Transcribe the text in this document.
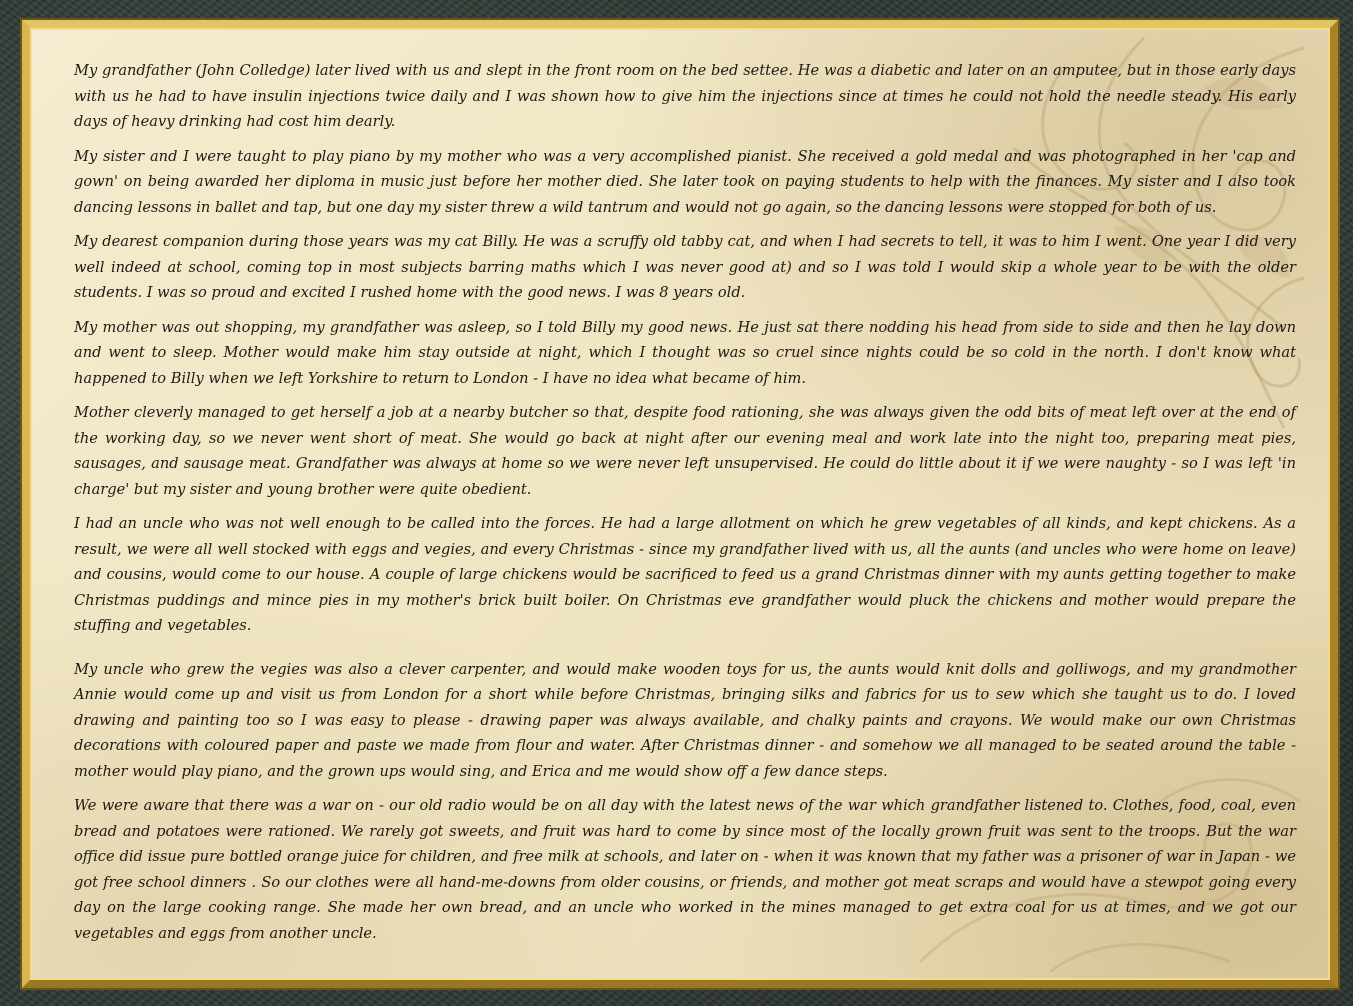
My grandfather (John Colledge) later lived with us and slept in the front room on the bed settee. He was a diabetic and later on an amputee, but in those early days with us he had to have insulin injections twice daily and I was shown how to give him the injections since at times he could not hold the needle steady. His early days of heavy drinking had cost him dearly.

My sister and I were taught to play piano by my mother who was a very accomplished pianist. She received a gold medal and was photographed in her 'cap and gown' on being awarded her diploma in music just before her mother died. She later took on paying students to help with the finances. My sister and I also took dancing lessons in ballet and tap, but one day my sister threw a wild tantrum and would not go again, so the dancing lessons were stopped for both of us.

My dearest companion during those years was my cat Billy. He was a scruffy old tabby cat, and when I had secrets to tell, it was to him I went. One year I did very well indeed at school, coming top in most subjects barring maths which I was never good at) and so I was told I would skip a whole year to be with the older students. I was so proud and excited I rushed home with the good news. I was 8 years old.

My mother was out shopping, my grandfather was asleep, so I told Billy my good news. He just sat there nodding his head from side to side and then he lay down and went to sleep. Mother would make him stay outside at night, which I thought was so cruel since nights could be so cold in the north. I don't know what happened to Billy when we left Yorkshire to return to London - I have no idea what became of him.

Mother cleverly managed to get herself a job at a nearby butcher so that, despite food rationing, she was always given the odd bits of meat left over at the end of the working day, so we never went short of meat. She would go back at night after our evening meal and work late into the night too, preparing meat pies, sausages, and sausage meat. Grandfather was always at home so we were never left unsupervised. He could do little about it if we were naughty - so I was left 'in charge' but my sister and young brother were quite obedient.

I had an uncle who was not well enough to be called into the forces. He had a large allotment on which he grew vegetables of all kinds, and kept chickens. As a result, we were all well stocked with eggs and vegies, and every Christmas - since my grandfather lived with us, all the aunts (and uncles who were home on leave) and cousins, would come to our house. A couple of large chickens would be sacrificed to feed us a grand Christmas dinner with my aunts getting together to make Christmas puddings and mince pies in my mother's brick built boiler. On Christmas eve grandfather would pluck the chickens and mother would prepare the stuffing and vegetables.

My uncle who grew the vegies was also a clever carpenter, and would make wooden toys for us, the aunts would knit dolls and golliwogs, and my grandmother Annie would come up and visit us from London for a short while before Christmas, bringing silks and fabrics for us to sew which she taught us to do. I loved drawing and painting too so I was easy to please - drawing paper was always available, and chalky paints and crayons. We would make our own Christmas decorations with coloured paper and paste we made from flour and water. After Christmas dinner - and somehow we all managed to be seated around the table - mother would play piano, and the grown ups would sing, and Erica and me would show off a few dance steps.

We were aware that there was a war on - our old radio would be on all day with the latest news of the war which grandfather listened to. Clothes, food, coal, even bread and potatoes were rationed. We rarely got sweets, and fruit was hard to come by since most of the locally grown fruit was sent to the troops. But the war office did issue pure bottled orange juice for children, and free milk at schools, and later on - when it was known that my father was a prisoner of war in Japan - we got free school dinners . So our clothes were all hand-me-downs from older cousins, or friends, and mother got meat scraps and would have a stewpot going every day on the large cooking range. She made her own bread, and an uncle who worked in the mines managed to get extra coal for us at times, and we got our vegetables and eggs from another uncle.
